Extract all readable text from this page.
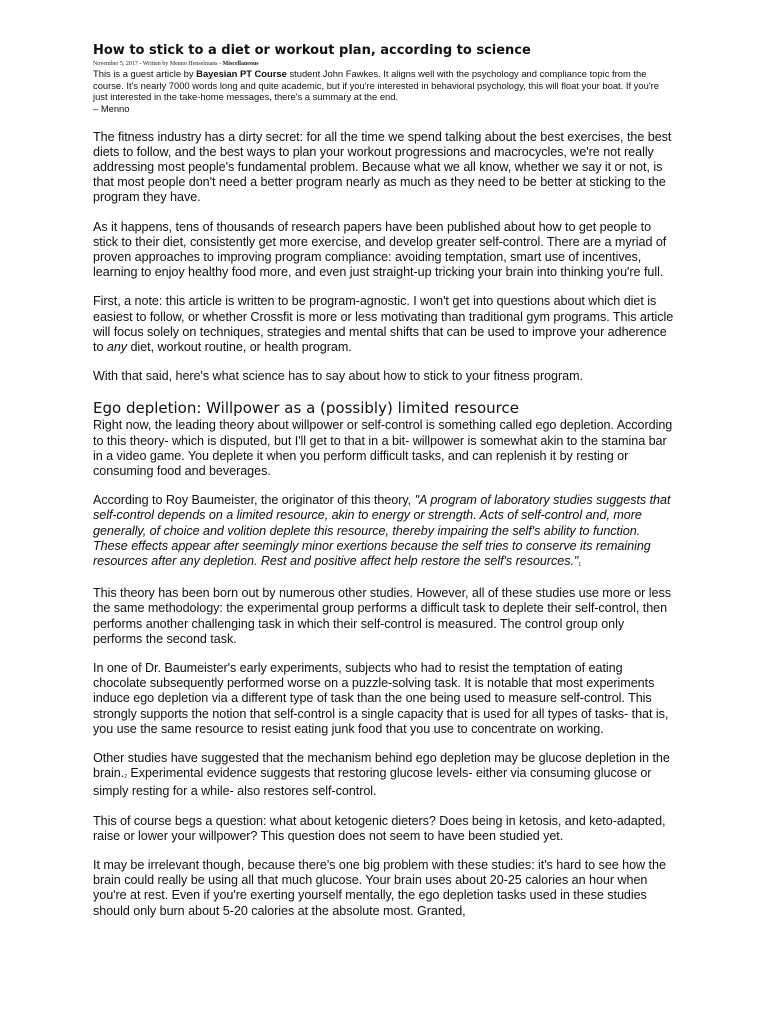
How to stick to a diet or workout plan, according to science
November 5, 2017 - Written by Menno Henselmans - Miscellaneous

This is a guest article by Bayesian PT Course student John Fawkes. It aligns well with the psychology and compliance topic from the course. It's nearly 7000 words long and quite academic, but if you're interested in behavioral psychology, this will float your boat. If you're just interested in the take-home messages, there's a summary at the end.

– Menno

The fitness industry has a dirty secret: for all the time we spend talking about the best exercises, the best diets to follow, and the best ways to plan your workout progressions and macrocycles, we're not really addressing most people's fundamental problem. Because what we all know, whether we say it or not, is that most people don't need a better program nearly as much as they need to be better at sticking to the program they have.

As it happens, tens of thousands of research papers have been published about how to get people to stick to their diet, consistently get more exercise, and develop greater self-control. There are a myriad of proven approaches to improving program compliance: avoiding temptation, smart use of incentives, learning to enjoy healthy food more, and even just straight-up tricking your brain into thinking you're full.

First, a note: this article is written to be program-agnostic. I won't get into questions about which diet is easiest to follow, or whether Crossfit is more or less motivating than traditional gym programs. This article will focus solely on techniques, strategies and mental shifts that can be used to improve your adherence to any diet, workout routine, or health program.

With that said, here's what science has to say about how to stick to your fitness program.

Ego depletion: Willpower as a (possibly) limited resource

Right now, the leading theory about willpower or self-control is something called ego depletion. According to this theory- which is disputed, but I'll get to that in a bit- willpower is somewhat akin to the stamina bar in a video game. You deplete it when you perform difficult tasks, and can replenish it by resting or consuming food and beverages.

According to Roy Baumeister, the originator of this theory, "A program of laboratory studies suggests that self-control depends on a limited resource, akin to energy or strength. Acts of self-control and, more generally, of choice and volition deplete this resource, thereby impairing the self's ability to function. These effects appear after seemingly minor exertions because the self tries to conserve its remaining resources after any depletion. Rest and positive affect help restore the self's resources."$^1$

This theory has been born out by numerous other studies. However, all of these studies use more or less the same methodology: the experimental group performs a difficult task to deplete their self-control, then performs another challenging task in which their self-control is measured. The control group only performs the second task.

In one of Dr. Baumeister's early experiments, subjects who had to resist the temptation of eating chocolate subsequently performed worse on a puzzle-solving task. It is notable that most experiments induce ego depletion via a different type of task than the one being used to measure self-control. This strongly supports the notion that self-control is a single capacity that is used for all types of tasks- that is, you use the same resource to resist eating junk food that you use to concentrate on working.

Other studies have suggested that the mechanism behind ego depletion may be glucose depletion in the brain.$^2$ Experimental evidence suggests that restoring glucose levels- either via consuming glucose or simply resting for a while- also restores self-control.

This of course begs a question: what about ketogenic dieters? Does being in ketosis, and keto-adapted, raise or lower your willpower? This question does not seem to have been studied yet.

It may be irrelevant though, because there's one big problem with these studies: it's hard to see how the brain could really be using all that much glucose. Your brain uses about 20-25 calories an hour when you're at rest. Even if you're exerting yourself mentally, the ego depletion tasks used in these studies should only burn about 5-20 calories at the absolute most. Granted,
